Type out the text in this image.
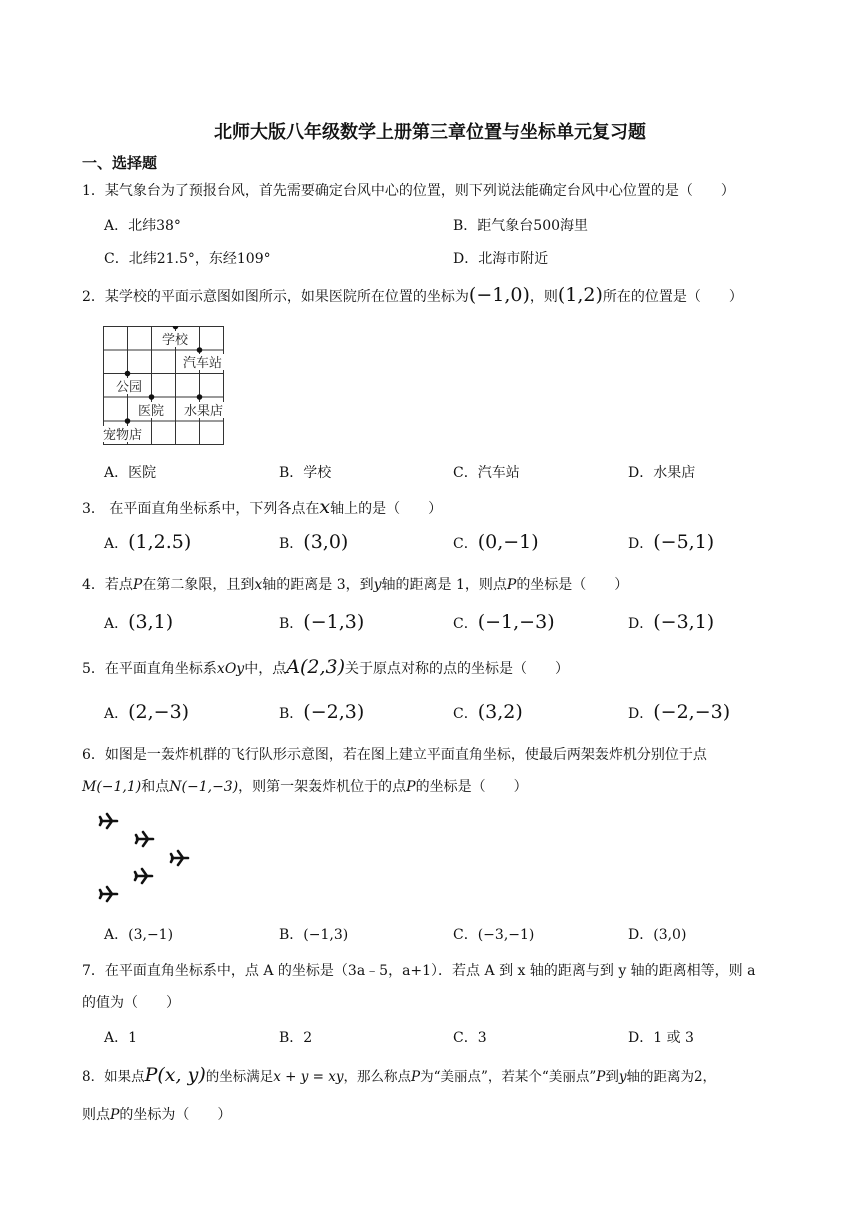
北师大版八年级数学上册第三章位置与坐标单元复习题
一、选择题
1．某气象台为了预报台风，首先需要确定台风中心的位置，则下列说法能确定台风中心位置的是（　　）
A．北纬38°	B．距气象台500海里
C．北纬21.5°，东经109°	D．北海市附近
2．某学校的平面示意图如图所示，如果医院所在位置的坐标为(−1,0)，则(1,2)所在的位置是（　　）
学校
汽车站
公园
医院 水果店
宠物店
A．医院	B．学校	C．汽车站	D．水果店
3． 在平面直角坐标系中，下列各点在x轴上的是（　　）
A．(1,2.5)	B．(3,0)	C．(0,−1)	D．(−5,1)
4．若点P在第二象限，且到x轴的距离是 3，到y轴的距离是 1，则点P的坐标是（　　）
A．(3,1)	B．(−1,3)	C．(−1,−3)	D．(−3,1)
5．在平面直角坐标系xOy中，点A(2,3)关于原点对称的点的坐标是（　　）
A．(2,−3)	B．(−2,3)	C．(3,2)	D．(−2,−3)
6．如图是一轰炸机群的飞行队形示意图，若在图上建立平面直角坐标，使最后两架轰炸机分别位于点
M(−1,1)和点N(−1,−3)，则第一架轰炸机位于的点P的坐标是（　　）
A．(3,−1)	B．(−1,3)	C．(−3,−1)	D．(3,0)
7．在平面直角坐标系中，点 A 的坐标是（3a﹣5，a+1）．若点 A 到 x 轴的距离与到 y 轴的距离相等，则 a
的值为（　　）
A．1	B．2	C．3	D．1 或 3
8．如果点P(x, y)的坐标满足x + y = xy，那么称点P为“美丽点”，若某个“美丽点”P到y轴的距离为2，
则点P的坐标为（　　）
